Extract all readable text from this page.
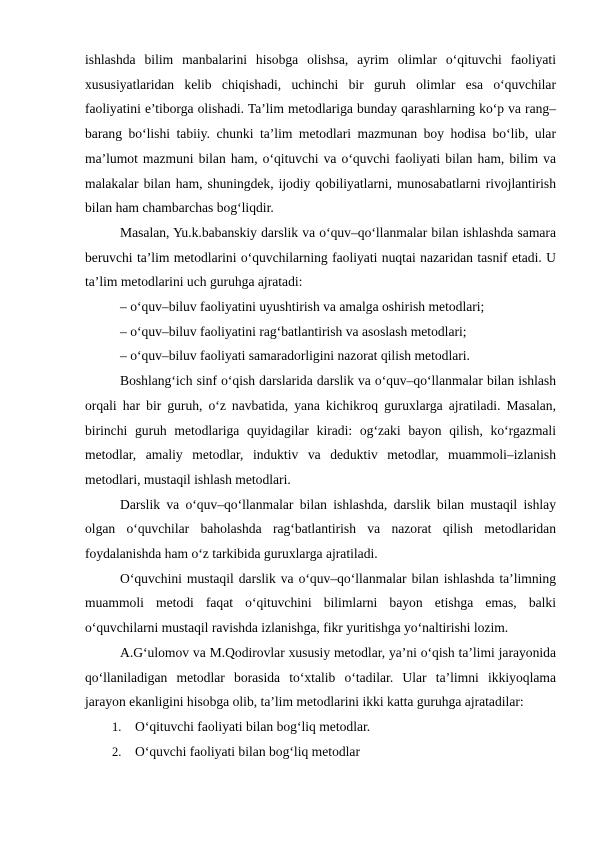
ishlashda bilim manbalarini hisobga olishsa, ayrim olimlar o‘qituvchi faoliyati xususiyatlaridan kelib chiqishadi, uchinchi bir guruh olimlar esa o‘quvchilar faoliyatini e’tiborga olishadi. Ta’lim metodlariga bunday qarashlarning ko‘p va rang–barang bo‘lishi tabiiy. chunki ta’lim metodlari mazmunan boy hodisa bo‘lib, ular ma’lumot mazmuni bilan ham, o‘qituvchi va o‘quvchi faoliyati bilan ham, bilim va malakalar bilan ham, shuningdek, ijodiy qobiliyatlarni, munosabatlarni rivojlantirish bilan ham chambarchas bog‘liqdir.

Masalan, Yu.k.babanskiy darslik va o‘quv–qo‘llanmalar bilan ishlashda samara beruvchi ta’lim metodlarini o‘quvchilarning faoliyati nuqtai nazaridan tasnif etadi. U ta’lim metodlarini uch guruhga ajratadi:

– o‘quv–biluv faoliyatini uyushtirish va amalga oshirish metodlari;

– o‘quv–biluv faoliyatini rag‘batlantirish va asoslash metodlari;

– o‘quv–biluv faoliyati samaradorligini nazorat qilish metodlari.

Boshlang‘ich sinf o‘qish darslarida darslik va o‘quv–qo‘llanmalar bilan ishlash orqali har bir guruh, o‘z navbatida, yana kichikroq guruxlarga ajratiladi. Masalan, birinchi guruh metodlariga quyidagilar kiradi: og‘zaki bayon qilish, ko‘rgazmali metodlar, amaliy metodlar, induktiv va deduktiv metodlar, muammoli–izlanish metodlari, mustaqil ishlash metodlari.

Darslik va o‘quv–qo‘llanmalar bilan ishlashda, darslik bilan mustaqil ishlay olgan o‘quvchilar baholashda rag‘batlantirish va nazorat qilish metodlaridan foydalanishda ham o‘z tarkibida guruxlarga ajratiladi.

O‘quvchini mustaqil darslik va o‘quv–qo‘llanmalar bilan ishlashda ta’limning muammoli metodi faqat o‘qituvchini bilimlarni bayon etishga emas, balki o‘quvchilarni mustaqil ravishda izlanishga, fikr yuritishga yo‘naltirishi lozim.

A.G‘ulomov va M.Qodirovlar xususiy metodlar, ya’ni o‘qish ta’limi jarayonida qo‘llaniladigan metodlar borasida to‘xtalib o‘tadilar. Ular ta’limni ikkiyoqlama jarayon ekanligini hisobga olib, ta’lim metodlarini ikki katta guruhga ajratadilar:

1. O‘qituvchi faoliyati bilan bog‘liq metodlar.

2. O‘quvchi faoliyati bilan bog‘liq metodlar
